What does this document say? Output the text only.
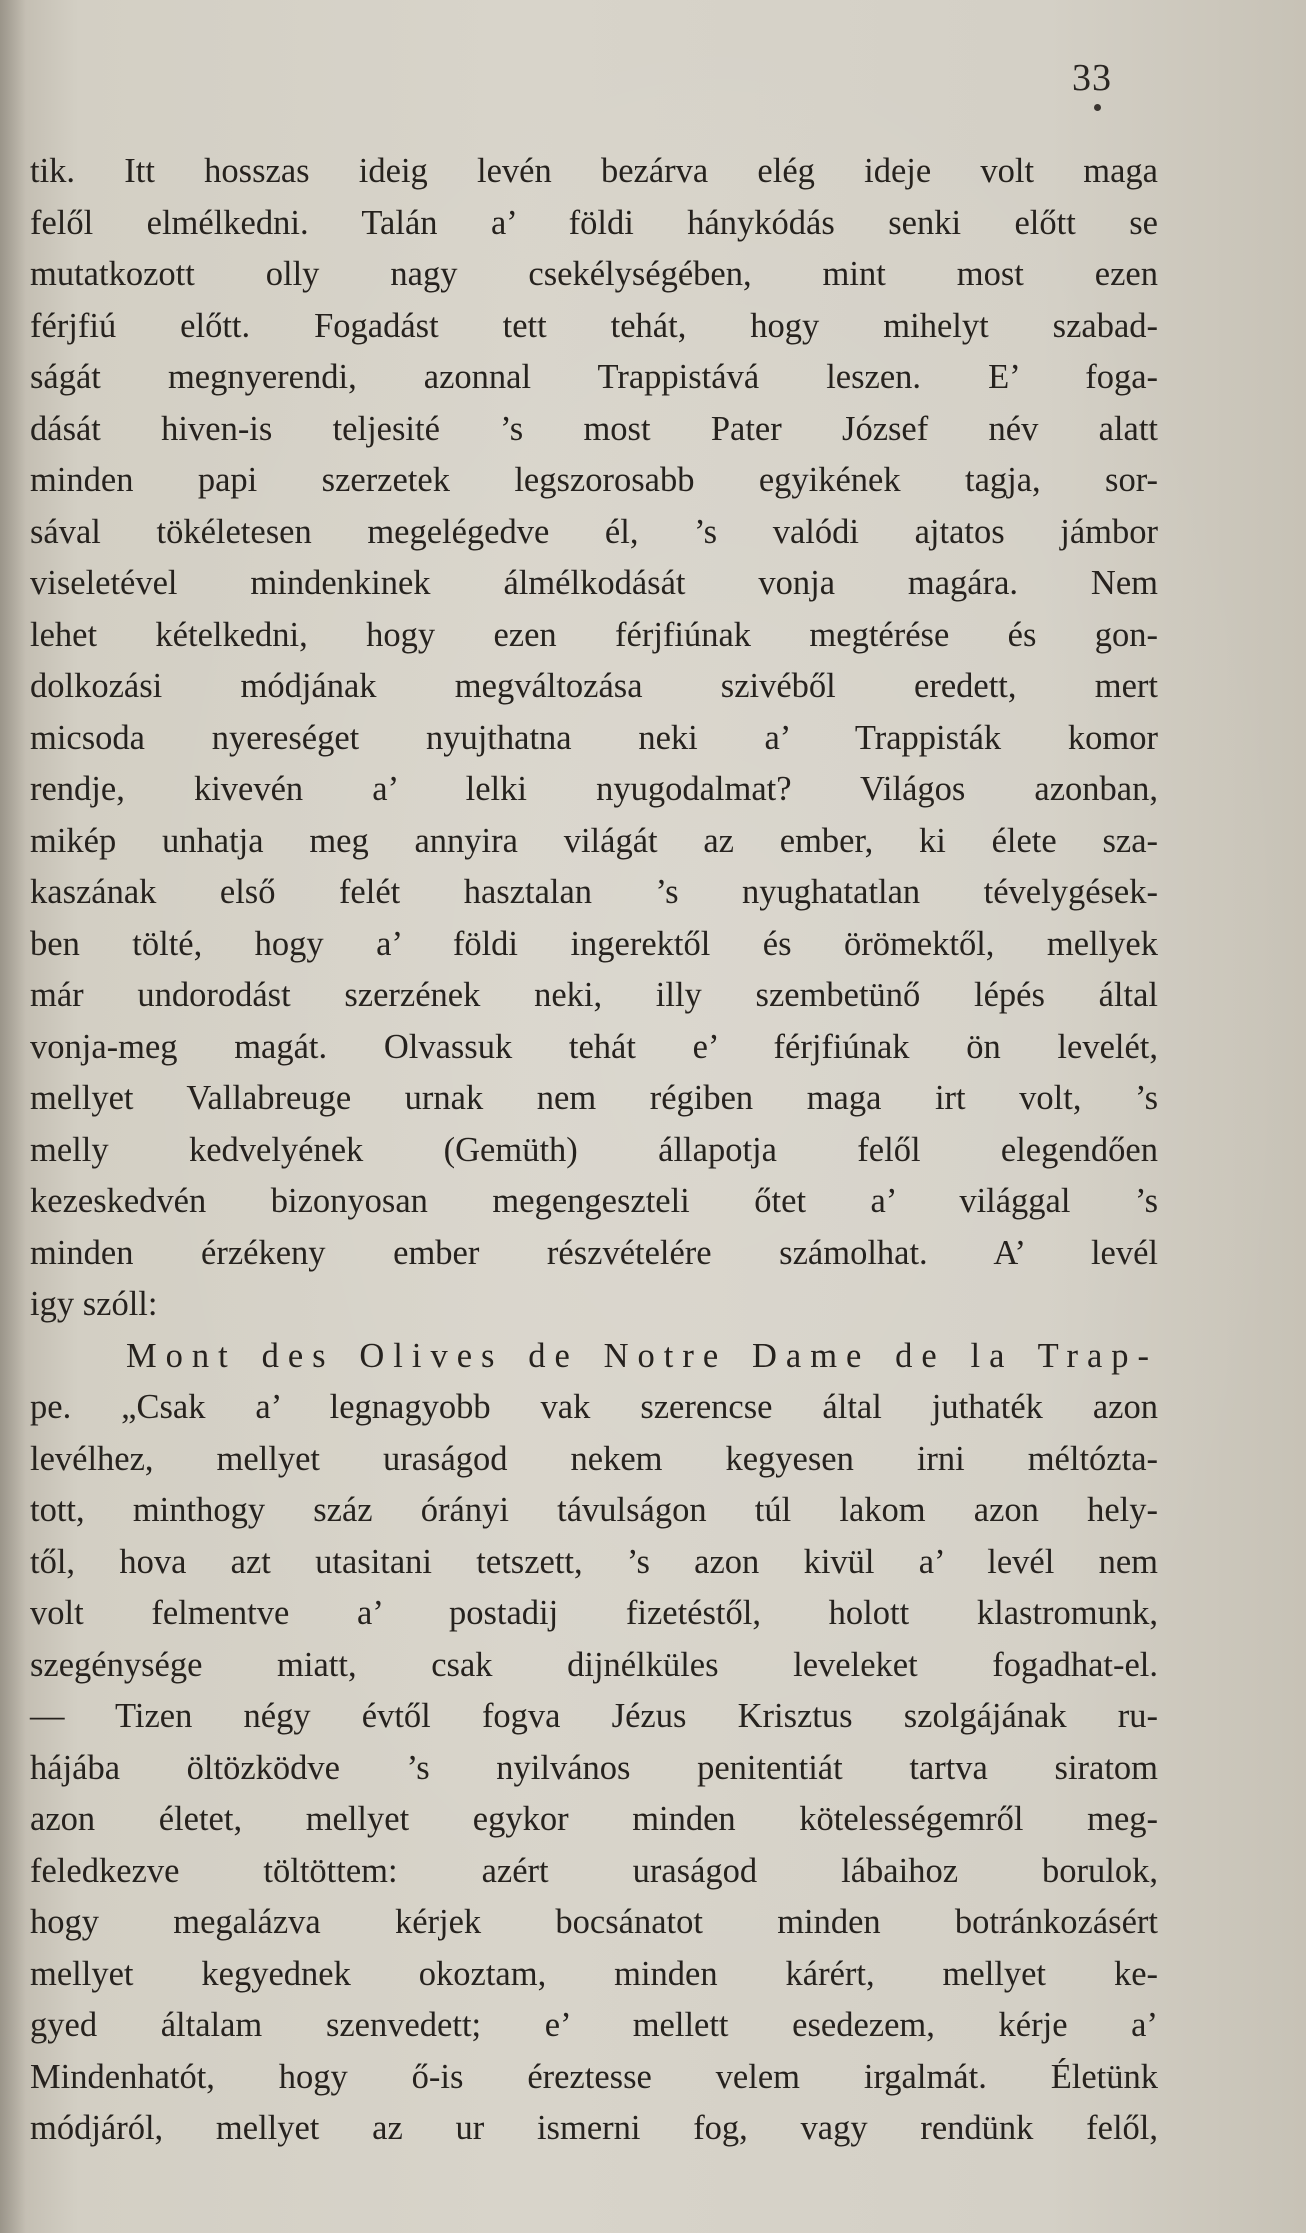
33
tik. Itt hosszas ideig levén bezárva elég ideje volt maga
felől elmélkedni. Talán a’ földi hánykódás senki előtt se
mutatkozott olly nagy csekélységében, mint most ezen
férjfiú előtt. Fogadást tett tehát, hogy mihelyt szabad-
ságát megnyerendi, azonnal Trappistává leszen. E’ foga-
dását hiven-is teljesité ’s most Pater József név alatt
minden papi szerzetek legszorosabb egyikének tagja, sor-
sával tökéletesen megelégedve él, ’s valódi ajtatos jámbor
viseletével mindenkinek álmélkodását vonja magára. Nem
lehet kételkedni, hogy ezen férjfiúnak megtérése és gon-
dolkozási módjának megváltozása szivéből eredett, mert
micsoda nyereséget nyujthatna neki a’ Trappisták komor
rendje, kivevén a’ lelki nyugodalmat? Világos azonban,
mikép unhatja meg annyira világát az ember, ki élete sza-
kaszának első felét hasztalan ’s nyughatatlan tévelygések-
ben tölté, hogy a’ földi ingerektől és örömektől, mellyek
már undorodást szerzének neki, illy szembetünő lépés által
vonja-meg magát. Olvassuk tehát e’ férjfiúnak ön levelét,
mellyet Vallabreuge urnak nem régiben maga irt volt, ’s
melly kedvelyének (Gemüth) állapotja felől elegendően
kezeskedvén bizonyosan megengeszteli őtet a’ világgal ’s
minden érzékeny ember részvételére számolhat. A’ levél
igy szóll:
Mont des Olives de Notre Dame de la Trap-
pe. „Csak a’ legnagyobb vak szerencse által juthaték azon
levélhez, mellyet uraságod nekem kegyesen irni méltózta-
tott, minthogy száz órányi távulságon túl lakom azon hely-
től, hova azt utasitani tetszett, ’s azon kivül a’ levél nem
volt felmentve a’ postadij fizetéstől, holott klastromunk,
szegénysége miatt, csak dijnélküles leveleket fogadhat-el.
— Tizen négy évtől fogva Jézus Krisztus szolgájának ru-
hájába öltözködve ’s nyilvános penitentiát tartva siratom
azon életet, mellyet egykor minden kötelességemről meg-
feledkezve töltöttem: azért uraságod lábaihoz borulok,
hogy megalázva kérjek bocsánatot minden botránkozásért
mellyet kegyednek okoztam, minden kárért, mellyet ke-
gyed általam szenvedett; e’ mellett esedezem, kérje a’
Mindenhatót, hogy ő-is éreztesse velem irgalmát. Életünk
módjáról, mellyet az ur ismerni fog, vagy rendünk felől,
